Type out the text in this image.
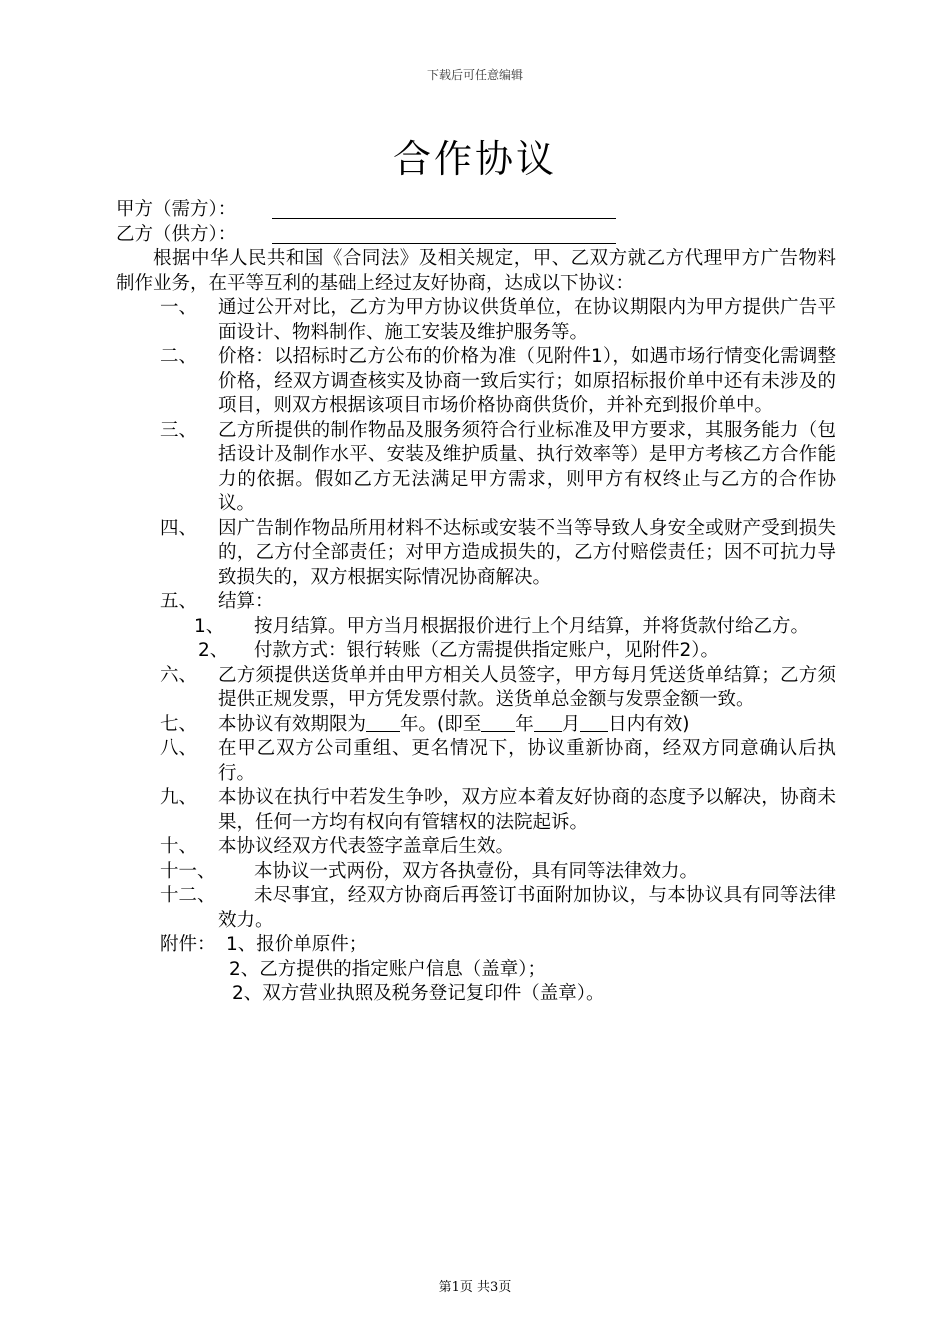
下载后可任意编辑
合作协议
甲方（需方）：
乙方（供方）：
根据中华人民共和国《合同法》及相关规定，甲、乙双方就乙方代理甲方广告物料制作业务，在平等互利的基础上经过友好协商，达成以下协议：
一、 通过公开对比，乙方为甲方协议供货单位，在协议期限内为甲方提供广告平面设计、物料制作、施工安装及维护服务等。
二、 价格：以招标时乙方公布的价格为准（见附件1），如遇市场行情变化需调整价格，经双方调查核实及协商一致后实行；如原招标报价单中还有未涉及的项目，则双方根据该项目市场价格协商供货价，并补充到报价单中。
三、 乙方所提供的制作物品及服务须符合行业标准及甲方要求，其服务能力（包括设计及制作水平、安装及维护质量、执行效率等）是甲方考核乙方合作能力的依据。假如乙方无法满足甲方需求，则甲方有权终止与乙方的合作协议。
四、 因广告制作物品所用材料不达标或安装不当等导致人身安全或财产受到损失的，乙方付全部责任；对甲方造成损失的，乙方付赔偿责任；因不可抗力导致损失的，双方根据实际情况协商解决。
五、 结算：
1、 按月结算。甲方当月根据报价进行上个月结算，并将货款付给乙方。
2、 付款方式：银行转账（乙方需提供指定账户，见附件2）。
六、 乙方须提供送货单并由甲方相关人员签字，甲方每月凭送货单结算；乙方须提供正规发票，甲方凭发票付款。送货单总金额与发票金额一致。
七、 本协议有效期限为 年。(即至 年 月 日内有效)
八、 在甲乙双方公司重组、更名情况下，协议重新协商，经双方同意确认后执行。
九、 本协议在执行中若发生争吵，双方应本着友好协商的态度予以解决，协商未果，任何一方均有权向有管辖权的法院起诉。
十、 本协议经双方代表签字盖章后生效。
十一、 本协议一式两份，双方各执壹份，具有同等法律效力。
十二、 未尽事宜，经双方协商后再签订书面附加协议，与本协议具有同等法律效力。
附件： 1、报价单原件；
2、乙方提供的指定账户信息（盖章）；
2、双方营业执照及税务登记复印件（盖章）。
第1页 共3页
